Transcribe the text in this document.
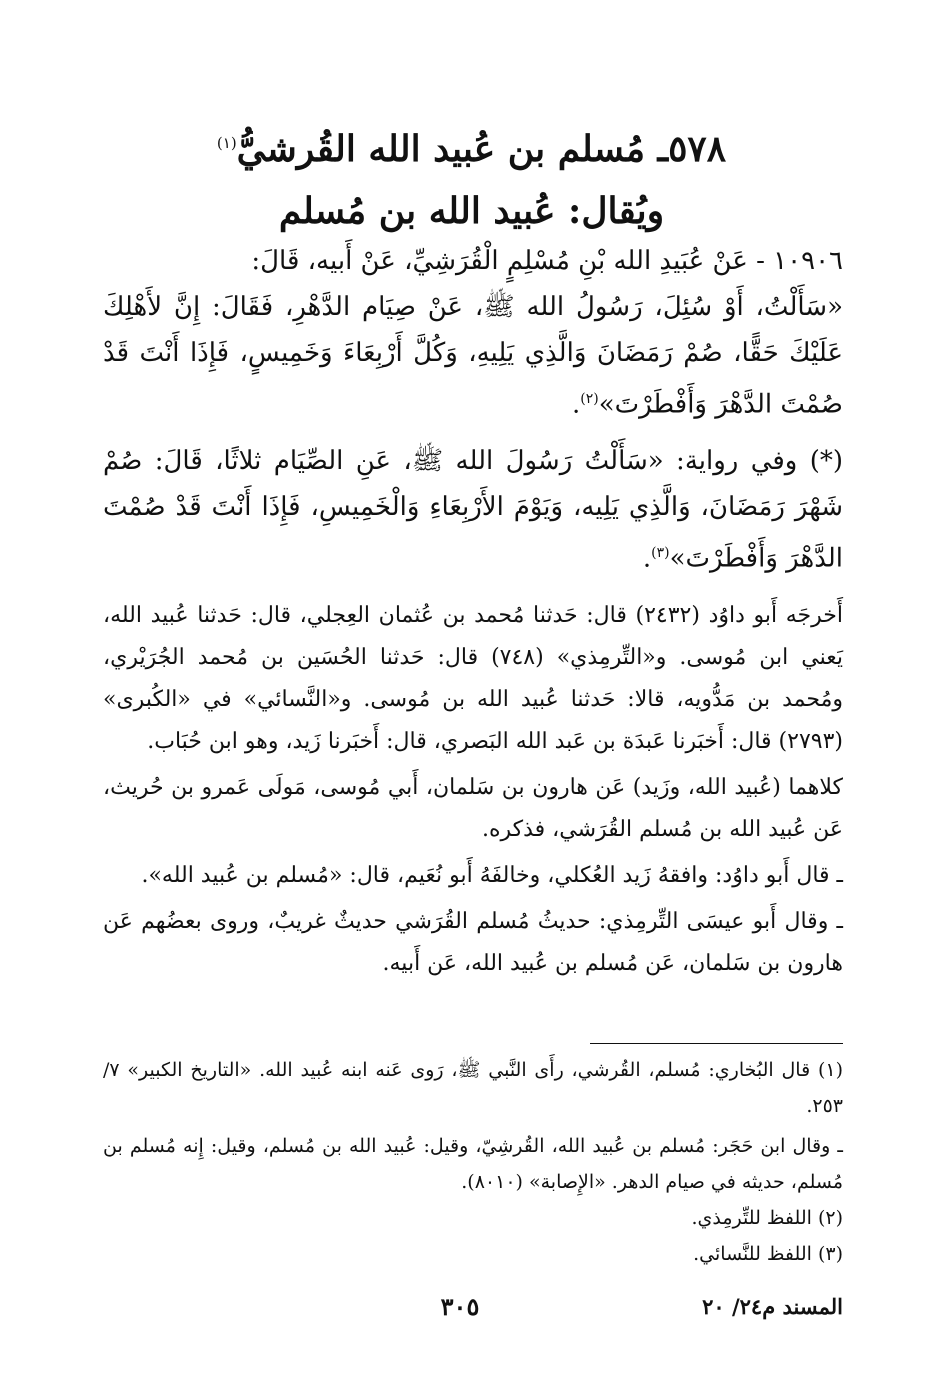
٥٧٨ـ مُسلم بن عُبيد الله القُرشيُّ$^{(١)}$
ويُقال: عُبيد الله بن مُسلم

١٠٩٠٦ - عَنْ عُبَيدِ الله بْنِ مُسْلِمٍ الْقُرَشِيِّ، عَنْ أَبيه، قَالَ:
«سَأَلْتُ، أَوْ سُئِلَ، رَسُولُ الله ﷺ، عَنْ صِيَام الدَّهْرِ، فَقَالَ: إِنَّ لأَهْلِكَ عَلَيْكَ حَقًّا، صُمْ رَمَضَانَ وَالَّذِي يَلِيهِ، وَكُلَّ أَرْبِعَاءَ وَخَمِيسٍ، فَإِذَا أَنْتَ قَدْ صُمْتَ الدَّهْرَ وَأَفْطَرْتَ»$^{(٢)}$.

(*) وفي رواية: «سَأَلْتُ رَسُولَ الله ﷺ، عَنِ الصِّيَام ثلاثًا، قَالَ: صُمْ شَهْرَ رَمَضَانَ، وَالَّذِي يَلِيه، وَيَوْمَ الأَرْبِعَاءِ وَالْخَمِيسِ، فَإِذَا أَنْتَ قَدْ صُمْتَ الدَّهْرَ وَأَفْطَرْتَ»$^{(٣)}$.

أَخرجَه أَبو داوُد (٢٤٣٢) قال: حَدثنا مُحمد بن عُثمان العِجلي، قال: حَدثنا عُبيد الله، يَعني ابن مُوسى. و«التِّرمِذي» (٧٤٨) قال: حَدثنا الحُسَين بن مُحمد الجُرَيْري، ومُحمد بن مَدُّويه، قالا: حَدثنا عُبيد الله بن مُوسى. و«النَّسائي» في «الكُبرى» (٢٧٩٣) قال: أَخبَرنا عَبدَة بن عَبد الله البَصري، قال: أَخبَرنا زَيد، وهو ابن حُبَاب.

كلاهما (عُبيد الله، وزَيد) عَن هارون بن سَلمان، أَبي مُوسى، مَولَى عَمرو بن حُريث، عَن عُبيد الله بن مُسلم القُرَشي، فذكره.

ـ قال أَبو داوُد: وافقهُ زَيد العُكلي، وخالفَهُ أَبو نُعَيم، قال: «مُسلم بن عُبيد الله».

ـ وقال أَبو عيسَى التِّرمِذي: حديثُ مُسلم القُرَشي حديثٌ غريبٌ، وروى بعضُهم عَن هارون بن سَلمان، عَن مُسلم بن عُبيد الله، عَن أَبيه.

(١) قال البُخاري: مُسلم، القُرشي، رأَى النَّبي ﷺ، رَوى عَنه ابنه عُبيد الله. «التاريخ الكبير» ٧/ ٢٥٣.

ـ وقال ابن حَجَر: مُسلم بن عُبيد الله، القُرشِيّ، وقيل: عُبيد الله بن مُسلم، وقيل: إِنه مُسلم بن مُسلم، حديثه في صيام الدهر. «الإِصابة» (٨٠١٠).

(٢) اللفظ للتِّرمِذي.

(٣) اللفظ للنَّسائي.

٣٠٥	المسند م٢٤/ ٢٠
